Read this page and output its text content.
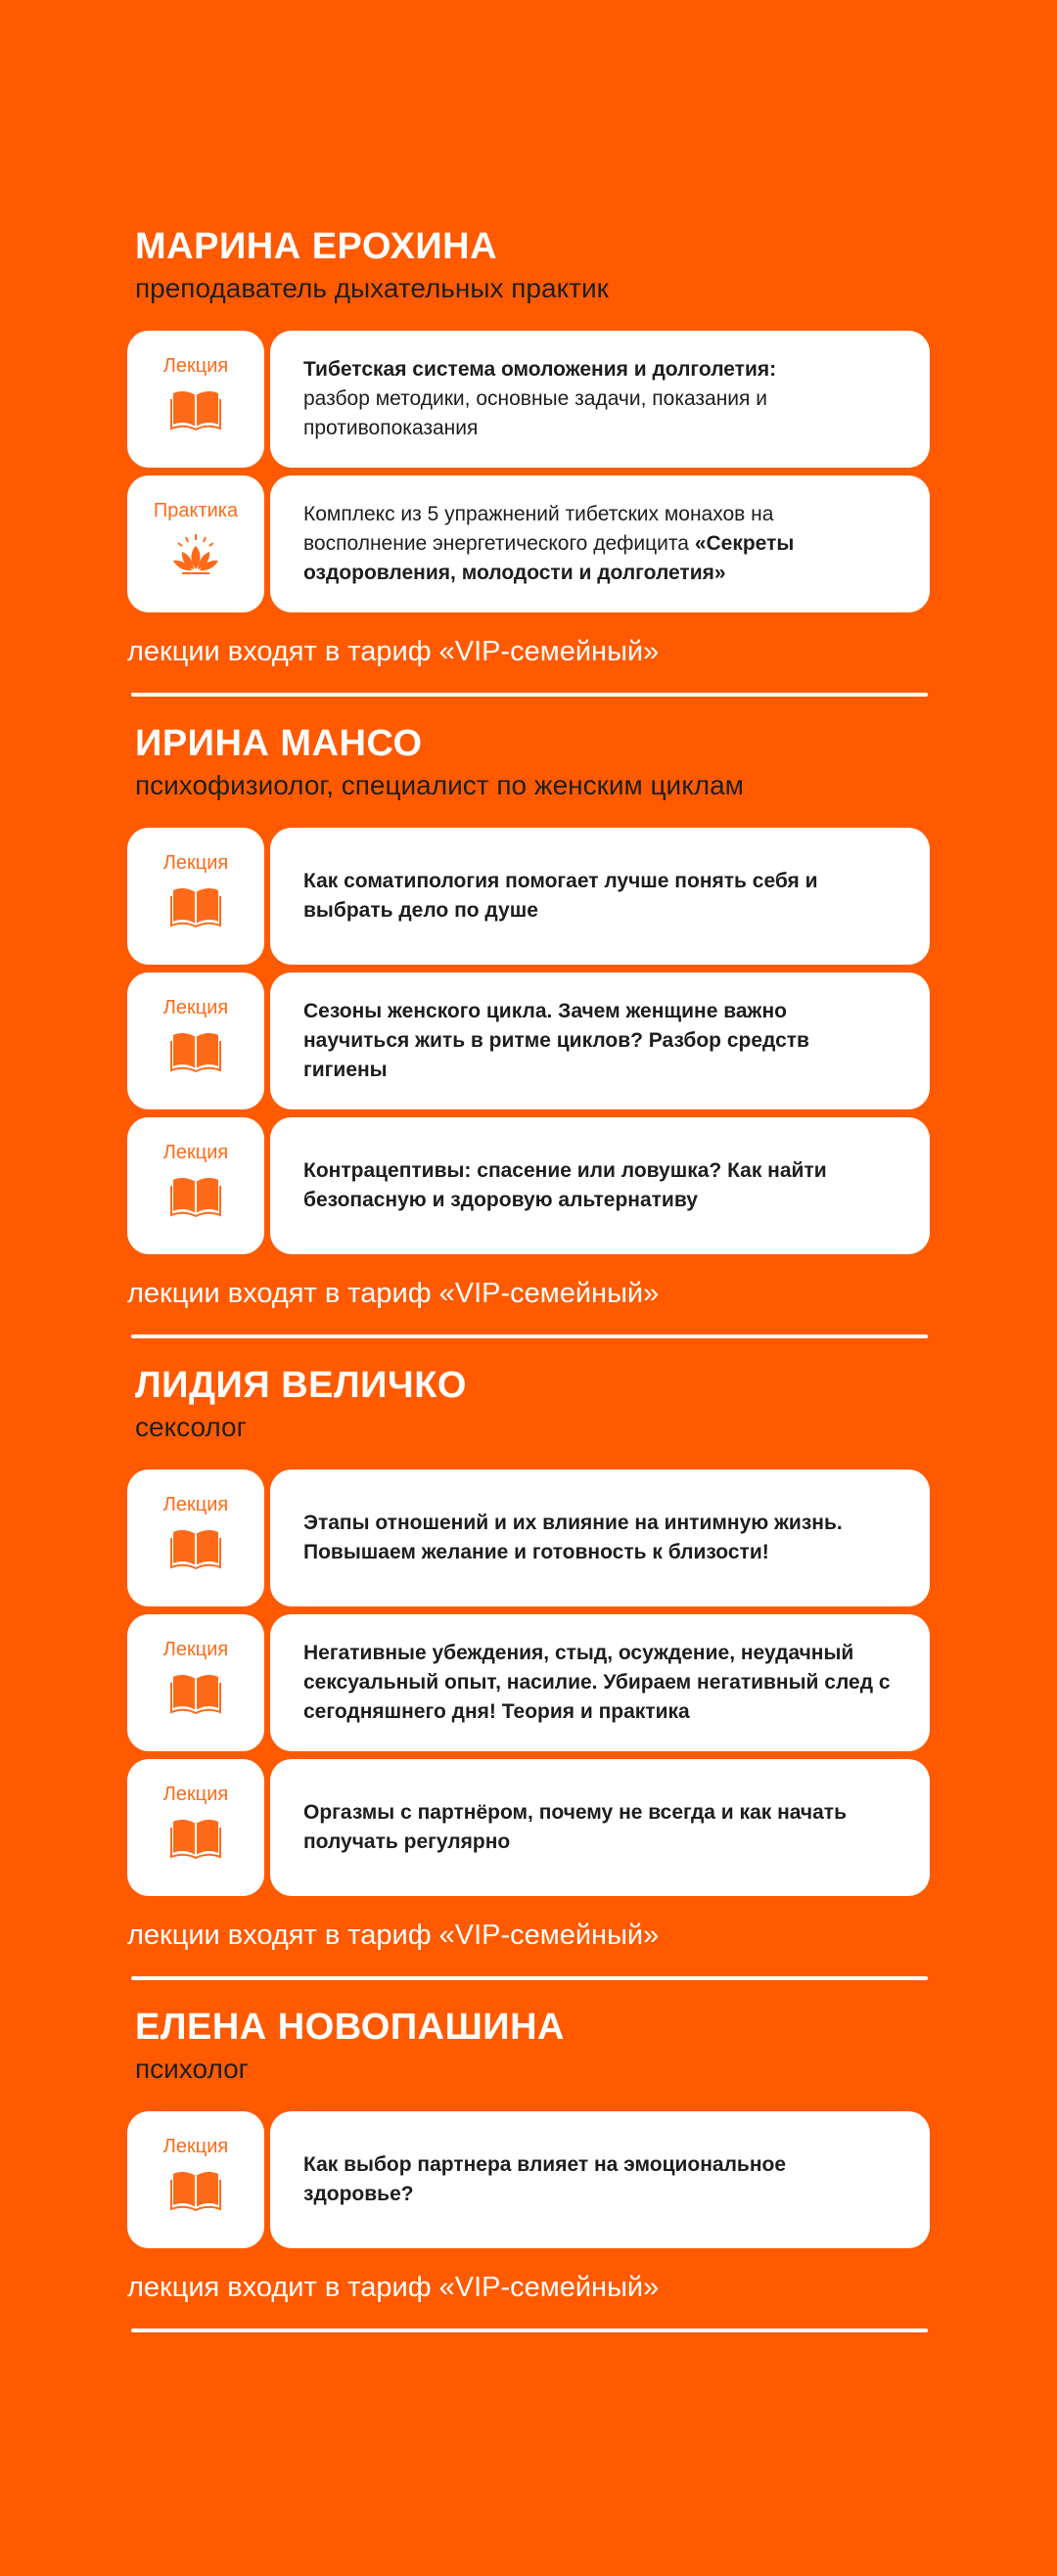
МАРИНА ЕРОХИНА
преподаватель дыхательных практик
Лекция	Тибетская система омоложения и долголетия:
разбор методики, основные задачи, показания и противопоказания
Практика	Комплекс из 5 упражнений тибетских монахов на восполнение энергетического дефицита «Секреты оздоровления, молодости и долголетия»
лекции входят в тариф «VIP-семейный»
ИРИНА МАНСО
психофизиолог, специалист по женским циклам
Лекция
Как соматипология помогает лучше понять себя и выбрать дело по душе
Лекция	Сезоны женского цикла. Зачем женщине важно научиться жить в ритме циклов? Разбор средств гигиены
Лекция
Контрацептивы: спасение или ловушка? Как найти безопасную и здоровую альтернативу
лекции входят в тариф «VIP-семейный»
ЛИДИЯ ВЕЛИЧКО
сексолог
Лекция
Этапы отношений и их влияние на интимную жизнь. Повышаем желание и готовность к близости!
Лекция	Негативные убеждения, стыд, осуждение, неудачный сексуальный опыт, насилие. Убираем негативный след с сегодняшнего дня! Теория и практика
Лекция
Оргазмы с партнёром, почему не всегда и как начать получать регулярно
лекции входят в тариф «VIP-семейный»
ЕЛЕНА НОВОПАШИНА
психолог
Лекция
Как выбор партнера влияет на эмоциональное здоровье?
лекция входит в тариф «VIP-семейный»
